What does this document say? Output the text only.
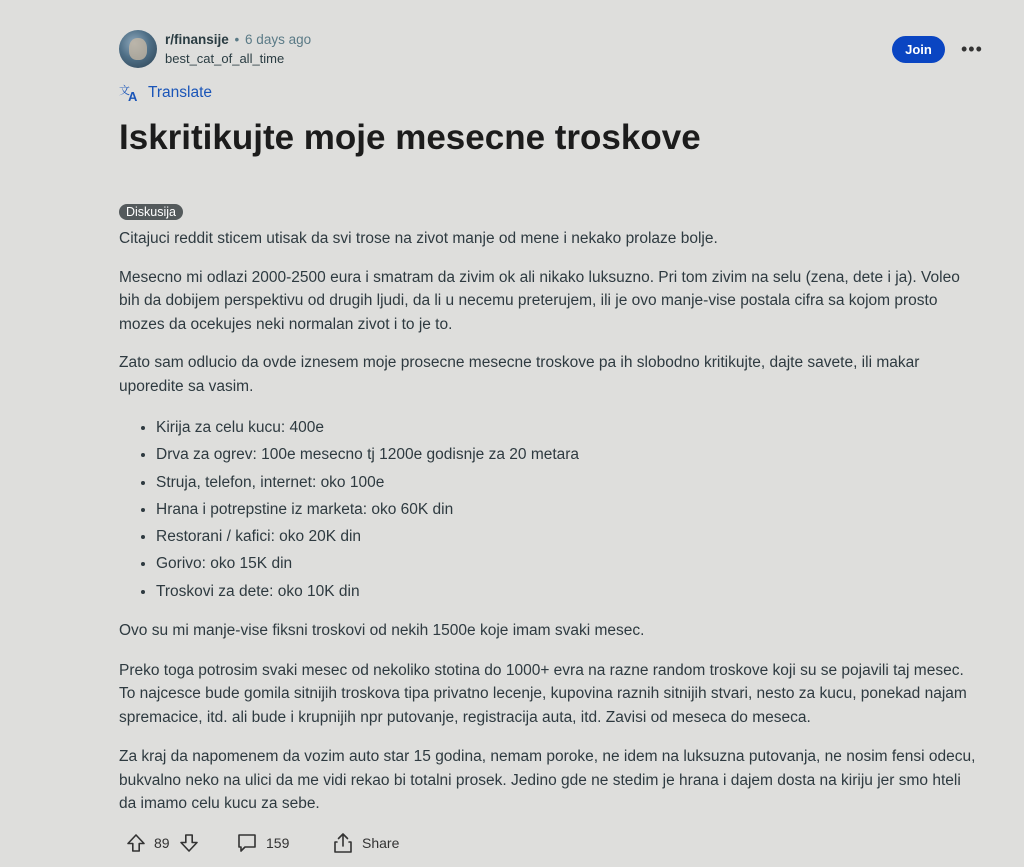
r/finansije • 6 days ago
best_cat_of_all_time
Join	•••
文
A Translate
Iskritikujte moje mesecne troskove
Diskusija

Citajuci reddit sticem utisak da svi trose na zivot manje od mene i nekako prolaze bolje.

Mesecno mi odlazi 2000-2500 eura i smatram da zivim ok ali nikako luksuzno. Pri tom zivim na selu (zena, dete i ja). Voleo bih da dobijem perspektivu od drugih ljudi, da li u necemu preterujem, ili je ovo manje-vise postala cifra sa kojom prosto mozes da ocekujes neki normalan zivot i to je to.

Zato sam odlucio da ovde iznesem moje prosecne mesecne troskove pa ih slobodno kritikujte, dajte savete, ili makar uporedite sa vasim.

• Kirija za celu kucu: 400e
• Drva za ogrev: 100e mesecno tj 1200e godisnje za 20 metara
• Struja, telefon, internet: oko 100e
• Hrana i potrepstine iz marketa: oko 60K din
• Restorani / kafici: oko 20K din
• Gorivo: oko 15K din
• Troskovi za dete: oko 10K din

Ovo su mi manje-vise fiksni troskovi od nekih 1500e koje imam svaki mesec.

Preko toga potrosim svaki mesec od nekoliko stotina do 1000+ evra na razne random troskove koji su se pojavili taj mesec. To najcesce bude gomila sitnijih troskova tipa privatno lecenje, kupovina raznih sitnijih stvari, nesto za kucu, ponekad najam spremacice, itd. ali bude i krupnijih npr putovanje, registracija auta, itd. Zavisi od meseca do meseca.

Za kraj da napomenem da vozim auto star 15 godina, nemam poroke, ne idem na luksuzna putovanja, ne nosim fensi odecu, bukvalno neko na ulici da me vidi rekao bi totalni prosek. Jedino gde ne stedim je hrana i dajem dosta na kiriju jer smo hteli da imamo celu kucu za sebe.

89	159	Share
